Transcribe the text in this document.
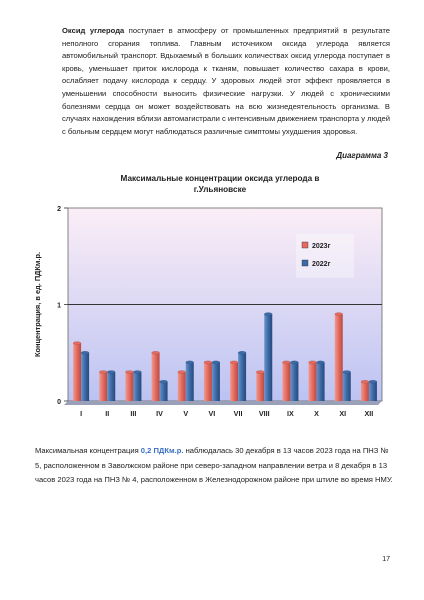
Оксид углерода поступает в атмосферу от промышленных предприятий в результате неполного сгорания топлива. Главным источником оксида углерода является автомобильный транспорт. Вдыхаемый в больших количествах оксид углерода поступает в кровь, уменьшает приток кислорода к тканям, повышает количество сахара в крови, ослабляет подачу кислорода к сердцу. У здоровых людей этот эффект проявляется в уменьшении способности выносить физические нагрузки. У людей с хроническими болезнями сердца он может воздействовать на всю жизнедеятельность организма. В случаях нахождения вблизи автомагистрали с интенсивным движением транспорта у людей с больным сердцем могут наблюдаться различные симптомы ухудшения здоровья.
Диаграмма 3
Максимальные концентрации оксида углерода в г.Ульяновске
0
1
2
Концентрация, в ед. ПДКм.р.
I	II	III	IV	V	VI	VII VIII IX	X	XI	XII
2023г
2022г
Максимальная концентрация 0,2 ПДКм.р. наблюдалась 30 декабря в 13 часов 2023 года на ПНЗ № 5, расположенном в Заволжском районе при северо-западном направлении ветра и 8 декабря в 13 часов 2023 года на ПНЗ № 4, расположенном в Железнодорожном районе при штиле во время НМУ.
17
